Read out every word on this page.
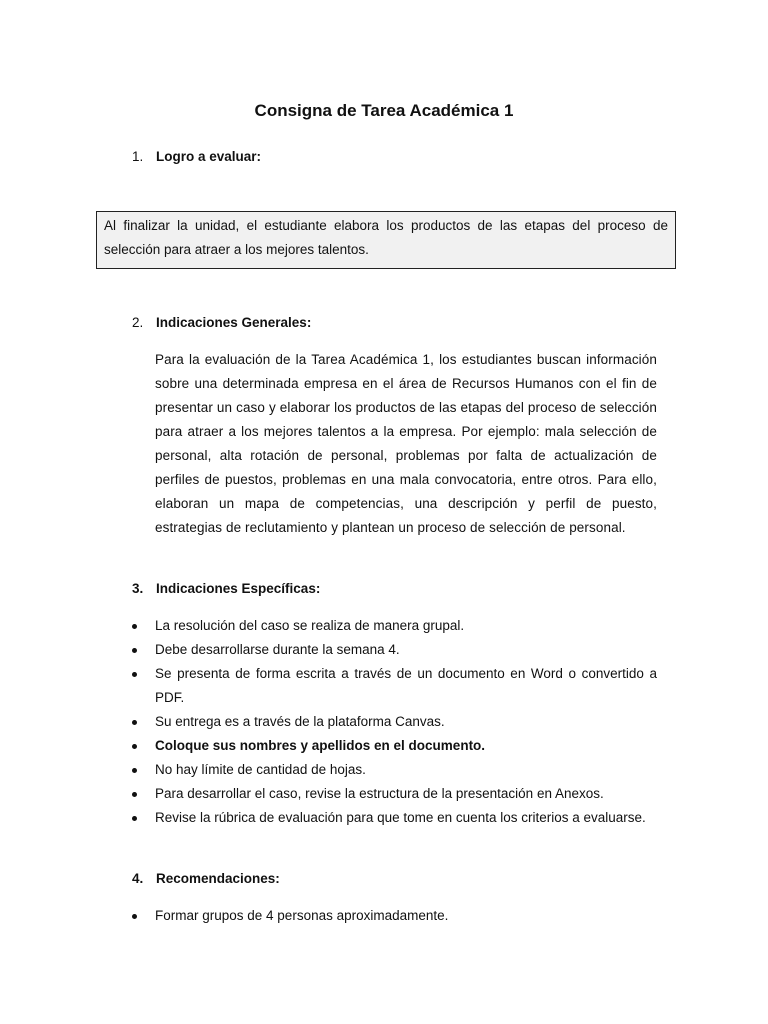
Consigna de Tarea Académica 1
1. Logro a evaluar:
Al finalizar la unidad, el estudiante elabora los productos de las etapas del proceso de selección para atraer a los mejores talentos.
2. Indicaciones Generales:
Para la evaluación de la Tarea Académica 1, los estudiantes buscan información sobre una determinada empresa en el área de Recursos Humanos con el fin de presentar un caso y elaborar los productos de las etapas del proceso de selección para atraer a los mejores talentos a la empresa. Por ejemplo: mala selección de personal, alta rotación de personal, problemas por falta de actualización de perfiles de puestos, problemas en una mala convocatoria, entre otros. Para ello, elaboran un mapa de competencias, una descripción y perfil de puesto, estrategias de reclutamiento y plantean un proceso de selección de personal.
3. Indicaciones Específicas:
La resolución del caso se realiza de manera grupal.
Debe desarrollarse durante la semana 4.
Se presenta de forma escrita a través de un documento en Word o convertido a PDF.
Su entrega es a través de la plataforma Canvas.
Coloque sus nombres y apellidos en el documento.
No hay límite de cantidad de hojas.
Para desarrollar el caso, revise la estructura de la presentación en Anexos.
Revise la rúbrica de evaluación para que tome en cuenta los criterios a evaluarse.
4. Recomendaciones:
Formar grupos de 4 personas aproximadamente.
